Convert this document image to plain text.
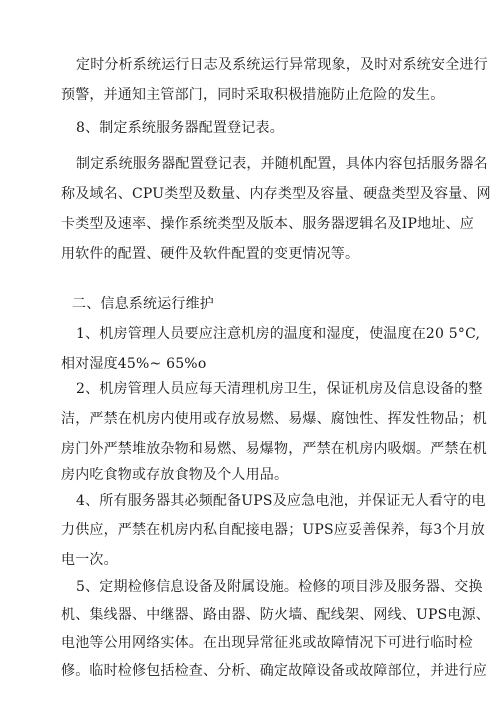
定时分析系统运行日志及系统运行异常现象，及时对系统安全进行
预警，并通知主管部门，同时采取积极措施防止危险的发生。
8、制定系统服务器配置登记表。
制定系统服务器配置登记表，并随机配置，具体内容包括服务器名
称及域名、CPU类型及数量、内存类型及容量、硬盘类型及容量、网
卡类型及速率、操作系统类型及版本、服务器逻辑名及IP地址、应
用软件的配置、硬件及软件配置的变更情况等。
二、信息系统运行维护
1、机房管理人员要应注意机房的温度和湿度，使温度在20 5°C,
相对湿度45%~ 65%o
2、机房管理人员应每天清理机房卫生，保证机房及信息设备的整
洁，严禁在机房内使用或存放易燃、易爆、腐蚀性、挥发性物品；机
房门外严禁堆放杂物和易燃、易爆物，严禁在机房内吸烟。严禁在机
房内吃食物或存放食物及个人用品。
4、所有服务器其必频配备UPS及应急电池，并保证无人看守的电
力供应，严禁在机房内私自配接电器；UPS应妥善保养，每3个月放
电一次。
5、定期检修信息设备及附属设施。检修的项目涉及服务器、交换
机、集线器、中继器、路由器、防火墙、配线架、网线、UPS电源、
电池等公用网络实体。在出现异常征兆或故障情况下可进行临时检
修。临时检修包括检查、分析、确定故障设备或故障部位，并进行应
